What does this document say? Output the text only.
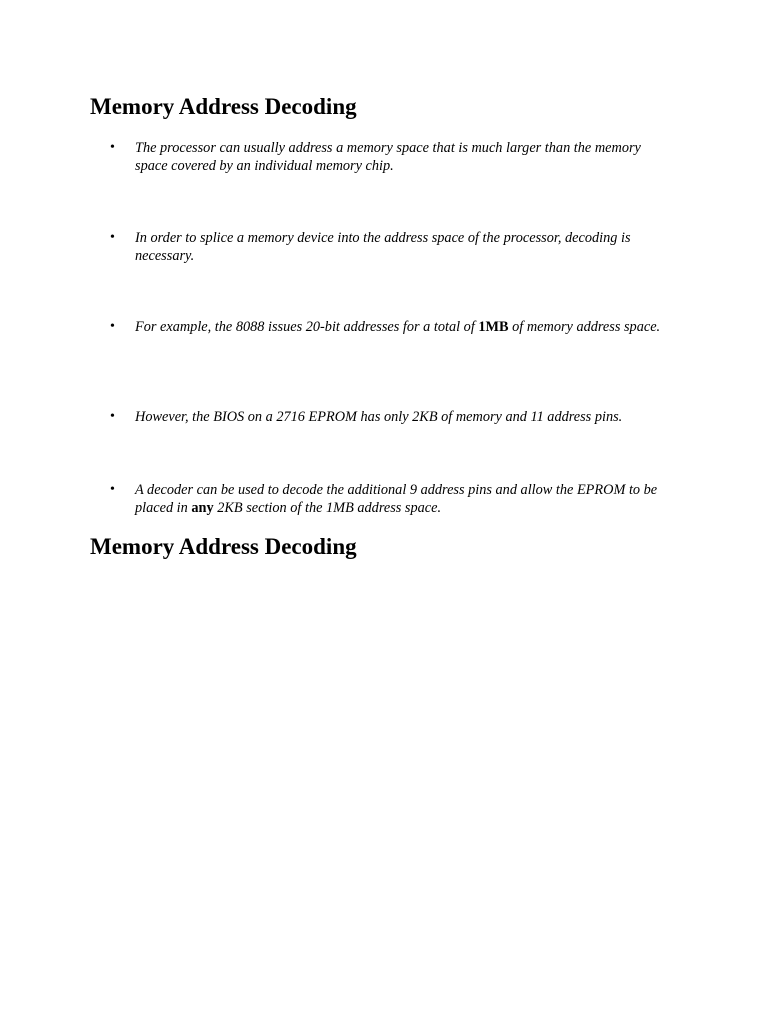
Memory Address Decoding
• The processor can usually address a memory space that is much larger than the memory space covered by an individual memory chip.
• In order to splice a memory device into the address space of the processor, decoding is necessary.
• For example, the 8088 issues 20-bit addresses for a total of 1MB of memory address space.
• However, the BIOS on a 2716 EPROM has only 2KB of memory and 11 address pins.
• A decoder can be used to decode the additional 9 address pins and allow the EPROM to be placed in any 2KB section of the 1MB address space.
Memory Address Decoding
